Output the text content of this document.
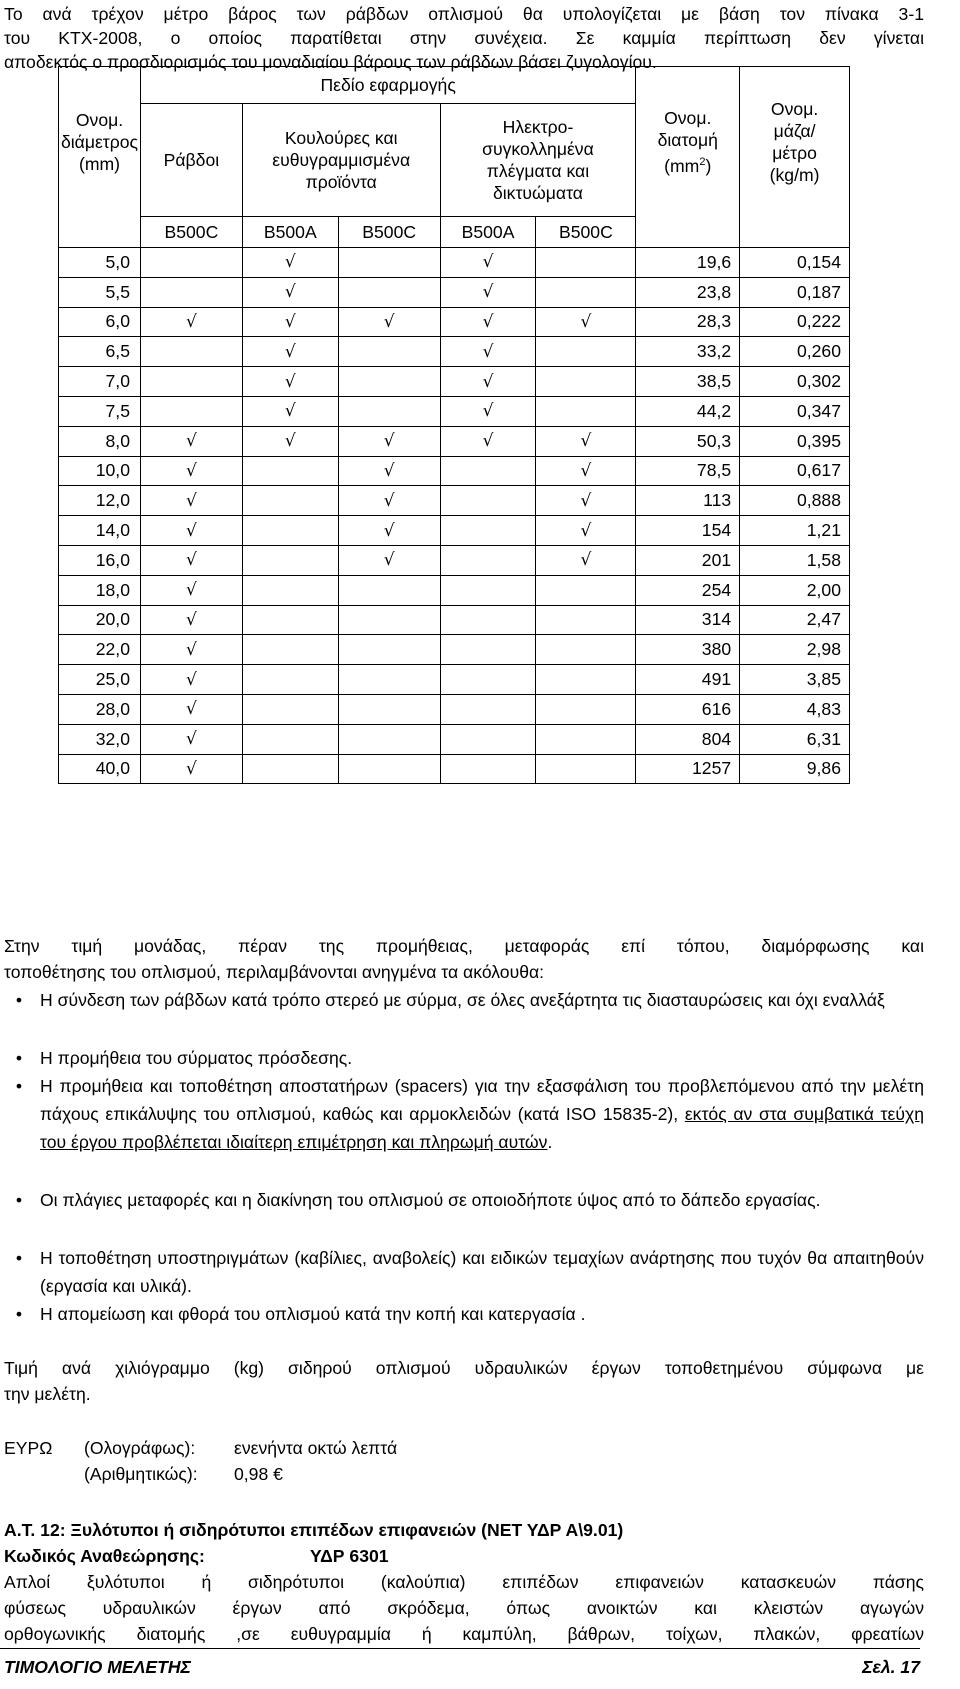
Το ανά τρέχον μέτρο βάρος των ράβδων οπλισμού θα υπολογίζεται με βάση τον πίνακα 3-1

του ΚΤΧ-2008, ο οποίος παρατίθεται στην συνέχεια. Σε καμμία περίπτωση δεν γίνεται

αποδεκτός ο προσδιορισμός του μοναδιαίου βάρους των ράβδων βάσει ζυγολογίου.

Ονομ.
διάμετρος
(mm)	Πεδίο εφαρμογής					Ονομ.
διατομή
$(mm^2)$	Ονομ.
μάζα/
μέτρο
(kg/m)
	Ράβδοι	Κουλούρες και
ευθυγραμμισμένα
προϊόντα		Ηλεκτρο-
συγκολλημένα
πλέγματα και
δικτυώματα			
	B500C	B500A	B500C	B500A	B500C		
5,0		√		√		19,6	0,154
5,5		√		√		23,8	0,187
6,0	√	√	√	√	√	28,3	0,222
6,5		√		√		33,2	0,260
7,0		√		√		38,5	0,302
7,5		√		√		44,2	0,347
8,0	√	√	√	√	√	50,3	0,395
10,0	√		√		√	78,5	0,617
12,0	√		√		√	113	0,888
14,0	√		√		√	154	1,21
16,0	√		√		√	201	1,58
18,0	√					254	2,00
20,0	√					314	2,47
22,0	√					380	2,98
25,0	√					491	3,85
28,0	√					616	4,83
32,0	√					804	6,31
40,0	√					1257	9,86

Στην τιμή μονάδας, πέραν της προμήθειας, μεταφοράς επί τόπου, διαμόρφωσης και

τοποθέτησης του οπλισμού, περιλαμβάνονται ανηγμένα τα ακόλουθα:

•	Η σύνδεση των ράβδων κατά τρόπο στερεό με σύρμα, σε όλες ανεξάρτητα τις διασταυρώσεις και όχι εναλλάξ
•	Η προμήθεια του σύρματος πρόσδεσης.
•	Η προμήθεια και τοποθέτηση αποστατήρων (spacers) για την εξασφάλιση του προβλεπόμενου από την μελέτη πάχους επικάλυψης του οπλισμού, καθώς και αρμοκλειδών (κατά ISO 15835-2), εκτός αν στα συμβατικά τεύχη του έργου προβλέπεται ιδιαίτερη επιμέτρηση και πληρωμή αυτών.
•	Οι πλάγιες μεταφορές και η διακίνηση του οπλισμού σε οποιοδήποτε ύψος από το δάπεδο εργασίας.
•	Η τοποθέτηση υποστηριγμάτων (καβίλιες, αναβολείς) και ειδικών τεμαχίων ανάρτησης που τυχόν θα απαιτηθούν (εργασία και υλικά).
•	Η απομείωση και φθορά του οπλισμού κατά την κοπή και κατεργασία .

Τιμή ανά χιλιόγραμμο (kg) σιδηρού οπλισμού υδραυλικών έργων τοποθετημένου σύμφωνα με

την μελέτη.

ΕΥΡΩ (Ολογράφως): ενενήντα οκτώ λεπτά
(Αριθμητικώς): 0,98 €

Α.Τ. 12: Ξυλότυποι ή σιδηρότυποι επιπέδων επιφανειών (ΝΕΤ ΥΔΡ Α\9.01)

Κωδικός Αναθεώρησης:	ΥΔΡ 6301

Απλοί ξυλότυποι ή σιδηρότυποι (καλούπια) επιπέδων επιφανειών κατασκευών πάσης

φύσεως υδραυλικών έργων από σκρόδεμα, όπως ανοικτών και κλειστών αγωγών

ορθογωνικής διατομής ,σε ευθυγραμμία ή καμπύλη, βάθρων, τοίχων, πλακών, φρεατίων

ΤΙΜΟΛΟΓΙΟ ΜΕΛΕΤΗΣ	Σελ. 17
